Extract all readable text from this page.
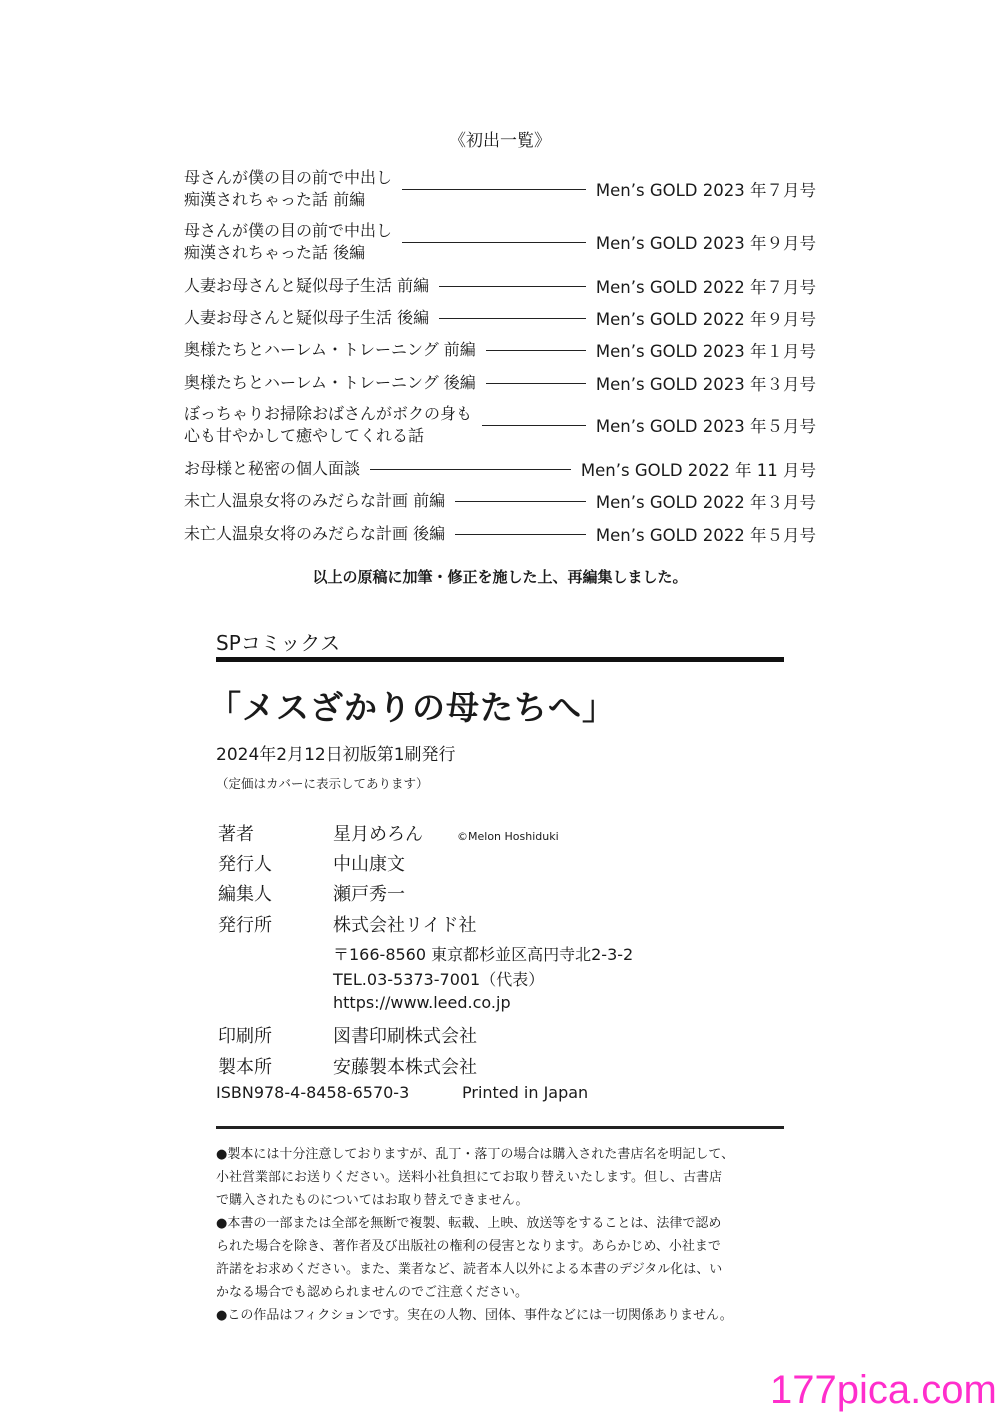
《初出一覧》
母さんが僕の目の前で中出し
痴漢されちゃった話 前編	Men’s GOLD 2023 年７月号
母さんが僕の目の前で中出し
痴漢されちゃった話 後編	Men’s GOLD 2023 年９月号
人妻お母さんと疑似母子生活 前編	Men’s GOLD 2022 年７月号
人妻お母さんと疑似母子生活 後編	Men’s GOLD 2022 年９月号
奥様たちとハーレム・トレーニング 前編	Men’s GOLD 2023 年１月号
奥様たちとハーレム・トレーニング 後編	Men’s GOLD 2023 年３月号
ぼっちゃりお掃除おばさんがボクの身も
心も甘やかして癒やしてくれる話	Men’s GOLD 2023 年５月号
お母様と秘密の個人面談	Men’s GOLD 2022 年 11 月号
未亡人温泉女将のみだらな計画 前編	Men’s GOLD 2022 年３月号
未亡人温泉女将のみだらな計画 後編	Men’s GOLD 2022 年５月号
以上の原稿に加筆・修正を施した上、再編集しました。
SPコミックス
「メスざかりの母たちへ」
2024年2月12日初版第1刷発行
（定価はカバーに表示してあります）
著者	星月めろん	©Melon Hoshiduki
発行人	中山康文
編集人	瀬戸秀一
発行所	株式会社リイド社
〒166-8560 東京都杉並区高円寺北2-3-2
TEL.03-5373-7001（代表）
https://www.leed.co.jp
印刷所	図書印刷株式会社
製本所	安藤製本株式会社
ISBN978-4-8458-6570-3	Printed in Japan

●製本には十分注意しておりますが、乱丁・落丁の場合は購入された書店名を明記して、

小社営業部にお送りください。送料小社負担にてお取り替えいたします。但し、古書店

で購入されたものについてはお取り替えできません。

●本書の一部または全部を無断で複製、転載、上映、放送等をすることは、法律で認め

られた場合を除き、著作者及び出版社の権利の侵害となります。あらかじめ、小社まで

許諾をお求めください。また、業者など、読者本人以外による本書のデジタル化は、い

かなる場合でも認められませんのでご注意ください。

●この作品はフィクションです。実在の人物、団体、事件などには一切関係ありません。

177pica.com
